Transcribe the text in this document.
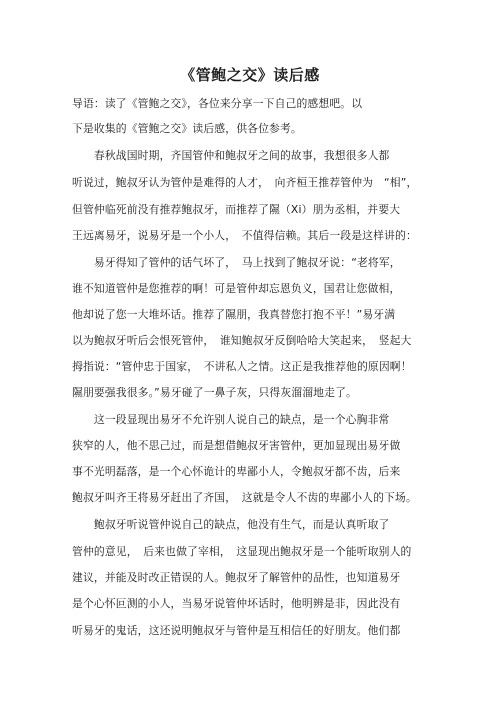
《管鲍之交》读后感
导语：读了《管鲍之交》，各位来分享一下自己的感想吧。以
下是收集的《管鲍之交》读后感，供各位参考。
　　春秋战国时期，齐国管仲和鲍叔牙之间的故事，我想很多人都
听说过，鲍叔牙认为管仲是难得的人才，　向齐桓王推荐管仲为　“相”，
但管仲临死前没有推荐鲍叔牙，而推荐了隰（Xi）朋为丞相，并要大
王远离易牙，说易牙是一个小人，　不值得信赖。其后一段是这样讲的：
　　易牙得知了管仲的话气坏了，　马上找到了鲍叔牙说：“老将军，
谁不知道管仲是您推荐的啊！可是管仲却忘恩负义，国君让您做相，
他却说了您一大堆坏话。推荐了隰朋，我真替您打抱不平！”易牙满
以为鲍叔牙听后会恨死管仲，　谁知鲍叔牙反倒哈哈大笑起来，　竖起大
拇指说：“管仲忠于国家，　不讲私人之情。这正是我推荐他的原因啊！
隰朋要强我很多。”易牙碰了一鼻子灰，只得灰溜溜地走了。
　　这一段显现出易牙不允许别人说自己的缺点，是一个心胸非常
狭窄的人，他不思己过，而是想借鲍叔牙害管仲，更加显现出易牙做
事不光明磊落，是一个心怀诡计的卑鄙小人，令鲍叔牙都不齿，后来
鲍叔牙叫齐王将易牙赶出了齐国，　这就是令人不齿的卑鄙小人的下场。
　　鲍叔牙听说管仲说自己的缺点，他没有生气，而是认真听取了
管仲的意见，　后来也做了宰相，　这显现出鲍叔牙是一个能听取别人的
建议，并能及时改正错误的人。鲍叔牙了解管仲的品性，也知道易牙
是个心怀叵测的小人，当易牙说管仲坏话时，他明辨是非，因此没有
听易牙的鬼话，这还说明鲍叔牙与管仲是互相信任的好朋友。他们都
